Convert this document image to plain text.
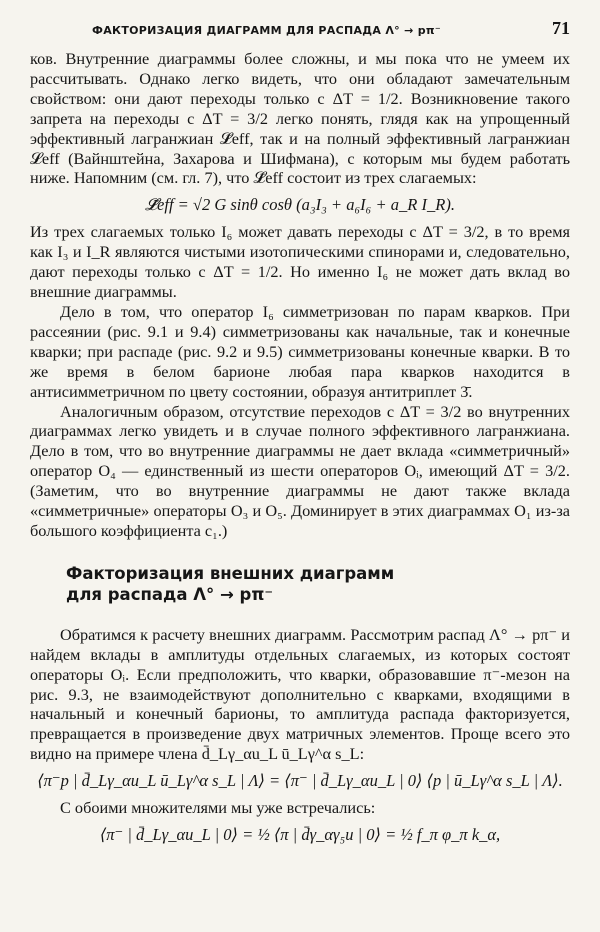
ФАКТОРИЗАЦИЯ ДИАГРАММ ДЛЯ РАСПАДА Λ° → pπ⁻	71

ков. Внутренние диаграммы более сложны, и мы пока что не умеем их рассчитывать. Однако легко видеть, что они обладают замечательным свойством: они дают переходы только с ΔT = 1/2. Возникновение такого запрета на переходы с ΔT = 3/2 легко понять, глядя как на упрощенный эффективный лагранжиан 𝓛̃eff, так и на полный эффективный лагранжиан 𝓛eff (Вайнштейна, Захарова и Шифмана), с которым мы будем работать ниже. Напомним (см. гл. 7), что 𝓛̃eff состоит из трех слагаемых:

𝓛̃eff = √2 G sinθ cosθ (a₃I₃ + a₆I₆ + a_R I_R).

Из трех слагаемых только I₆ может давать переходы с ΔT = 3/2, в то время как I₃ и I_R являются чистыми изотопическими спинорами и, следовательно, дают переходы только с ΔT = 1/2. Но именно I₆ не может дать вклад во внешние диаграммы.

Дело в том, что оператор I₆ симметризован по парам кварков. При рассеянии (рис. 9.1 и 9.4) симметризованы как начальные, так и конечные кварки; при распаде (рис. 9.2 и 9.5) симметризованы конечные кварки. В то же время в белом барионе любая пара кварков находится в антисимметричном по цвету состоянии, образуя антитриплет 3̄.

Аналогичным образом, отсутствие переходов с ΔT = 3/2 во внутренних диаграммах легко увидеть и в случае полного эффективного лагранжиана. Дело в том, что во внутренние диаграммы не дает вклада «симметричный» оператор O₄ — единственный из шести операторов Oᵢ, имеющий ΔT = 3/2. (Заметим, что во внутренние диаграммы не дают также вклада «симметричные» операторы O₃ и O₅. Доминирует в этих диаграммах O₁ из-за большого коэффициента c₁.)

Факторизация внешних диаграмм
для распада Λ° → pπ⁻

Обратимся к расчету внешних диаграмм. Рассмотрим распад Λ° → pπ⁻ и найдем вклады в амплитуды отдельных слагаемых, из которых состоят операторы Oᵢ. Если предположить, что кварки, образовавшие π⁻-мезон на рис. 9.3, не взаимодействуют дополнительно с кварками, входящими в начальный и конечный барионы, то амплитуда распада факторизуется, превращается в произведение двух матричных элементов. Проще всего это видно на примере члена d̄_Lγ_αu_L ū_Lγ^α s_L:

⟨π⁻p | d̄_Lγ_αu_L ū_Lγ^α s_L | Λ⟩ = ⟨π⁻ | d̄_Lγ_αu_L | 0⟩ ⟨p | ū_Lγ^α s_L | Λ⟩.

С обоими множителями мы уже встречались:

⟨π⁻ | d̄_Lγ_αu_L | 0⟩ = ½ ⟨π | d̄γ_αγ₅u | 0⟩ = ½ f_π φ_π k_α,
